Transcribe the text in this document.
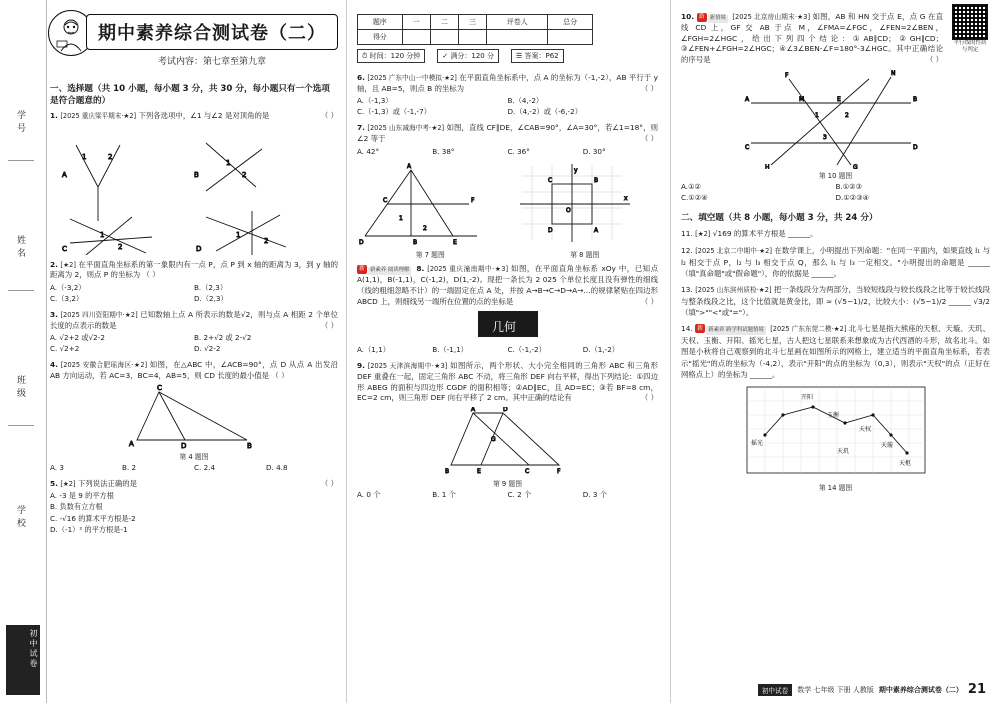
学号
姓名
班级
学校
初中试卷
期中素养综合测试卷（二）
考试内容：第七章至第九章
一、选择题（共 10 小题，每小题 3 分，共 30 分，每小题只有一个选项是符合题意的）
1. [2025 重庆梁平期末·★2] 下列各选项中，∠1 与∠2 是对顶角的是	（ ）
1	2
A
1
2
B
1
2
C
1
2
D
2. [★2] 在平面直角坐标系的第一象限内有一点 P，点 P 到 x 轴的距离为 3，到 y 轴的距离为 2，则点 P 的坐标为 （ ）
A.（-3,2）	B.（2,3）
C.（3,2）	D.（2,3）
3. [2025 四川资阳期中·★2] 已知数轴上点 A 所表示的数是√2，则与点 A 相距 2 个单位长度的点表示的数是	（ ）
A. √2+2 或√2-2	B. 2+√2 或 2-√2
C. √2+2	D. √2-2
4. [2025 安徽合肥瑶海区·★2] 如图，在△ABC 中，∠ACB=90°，点 D 从点 A 出发沿 AB 方向运动，若 AC=3，BC=4，AB=5，则 CD 长度的最小值是 （ ）
C
A	D	B
第 4 题图
A. 3	B. 2	C. 2.4	D. 4.8
5. [★2] 下列说法正确的是	（ ）
A. -3 是 9 的平方根
B. 负数有立方根
C. -√16 的算术平方根是-2
D.（-1）² 的平方根是-1
题序	一	二	三	评卷人	总分
得分					
⏱ 时间：120 分钟	✓ 满分：120 分	☰ 答案：P62
6. [2025 广东中山一中模拟·★2] 在平面直角坐标系中，点 A 的坐标为（-1,-2），AB 平行于 y 轴，且 AB=5，则点 B 的坐标为	（ ）
A.（-1,3）	B.（4,-2）
C.（-1,3）或（-1,-7）	D.（4,-2）或（-6,-2）
7. [2025 山东减海中考·★2] 如图，直线 CF∥DE，∠CAB=90°，∠A=30°，若∠1=18°，则∠2 等于	（ ）
A. 42°	B. 38°	C. 36°	D. 30°
A
D
C	F
E
B
1
2
第 7 题图
C	B
D	A
y
x
O
第 8 题图
新 新素养 阅读理解 8. [2025 重庆潼南期中·★3] 如图，在平面直角坐标系 xOy 中，已知点 A(1,1)，B(-1,1)，C(-1,2)，D(1,-2)。现把一条长为 2 025 个单位长度且没有弹性的细线（线的粗细忽略不计）的一端固定在点 A 处，并按 A→B→C→D→A→…的规律紧贴在四边形 ABCD 上，则细线另一端所在位置的点的坐标是	（ ）
几何
A.（1,1）	B.（-1,1）	C.（-1,-2）	D.（1,-2）
9. [2025 天津滨海期中·★3] 如图所示，两个形状、大小完全相同的三角形 ABC 和三角形 DEF 重叠在一起，固定三角形 ABC 不动，将三角形 DEF 向右平移，得出下列结论：①四边形 ABEG 的面积与四边形 CGDF 的面积相等；②AD∥EC，且 AD=EC；③若 BF=8 cm，EC=2 cm，则三角形 DEF 向右平移了 2 cm。其中正确的结论有	（ ）
A	D
B	E	C	F
G
第 9 题图
A. 0 个	B. 1 个	C. 2 个	D. 3 个
平行线的性质与判定
10. 新 新情境 [2025 北京房山期末·★3] 如图，AB 和 HN 交于点 E，点 G 在直线 CD 上，GF 交 AB 于点 M，∠FMA=∠FGC，∠FEN=2∠BEN，∠FGH=2∠HGC，给出下列四个结论：①AB∥CD；②GH∥CD；③∠FEN+∠FGH=2∠HGC；④∠3∠BEN-∠F=180°-3∠HGC。其中正确结论的序号是	（ ）
A	B
C	D
F	N
H	G
M	E
1	2
3
第 10 题图
A.①②	B.①②③
C.①②④	D.①②③④
二、填空题（共 8 小题，每小题 3 分，共 24 分）
11. [★2] √169 的算术平方根是 ______。
12. [2025 北京二中期中·★2] 在数学课上，小明提出下列命题："在同一平面内，如果直线 l₁ 与 l₂ 相交于点 P，l₂ 与 l₃ 相交于点 Q，那么 l₁ 与 l₃ 一定相交。"小明提出的命题是 ______（填"真命题"或"假命题"），你的依据是 ______。
13. [2025 山东滨州质检·★2] 把一条线段分为两部分，当较短线段与较长线段之比等于较长线段与整条线段之比，这个比值就是黄金比，即 ≈ (√5−1)/2，比较大小：(√5−1)/2 ______ √3/2（填">""<"或"="）。
14. 新 新素养 跨学科试题情境 [2025 广东东莞二模·★2] 北斗七星是指大熊座的天枢、天璇、天玑、天权、玉衡、开阳、摇光七星，古人把这七星联系来想象成为古代西酒的斗形，故名北斗。如图是小秋将自己观察到的北斗七星画在如图所示的网格上，建立适当的平面直角坐标系，若表示"摇光"的点的坐标为（-4,2），表示"开阳"的点的坐标为（0,3），则表示"天权"的点（正好在网格点上）的坐标为 ______。
开阳
玉衡
摇光
天权
天玑
天璇
天枢
第 14 题图
初中试卷	数学 七年级 下册 人教版 期中素养综合测试卷（二） 21
